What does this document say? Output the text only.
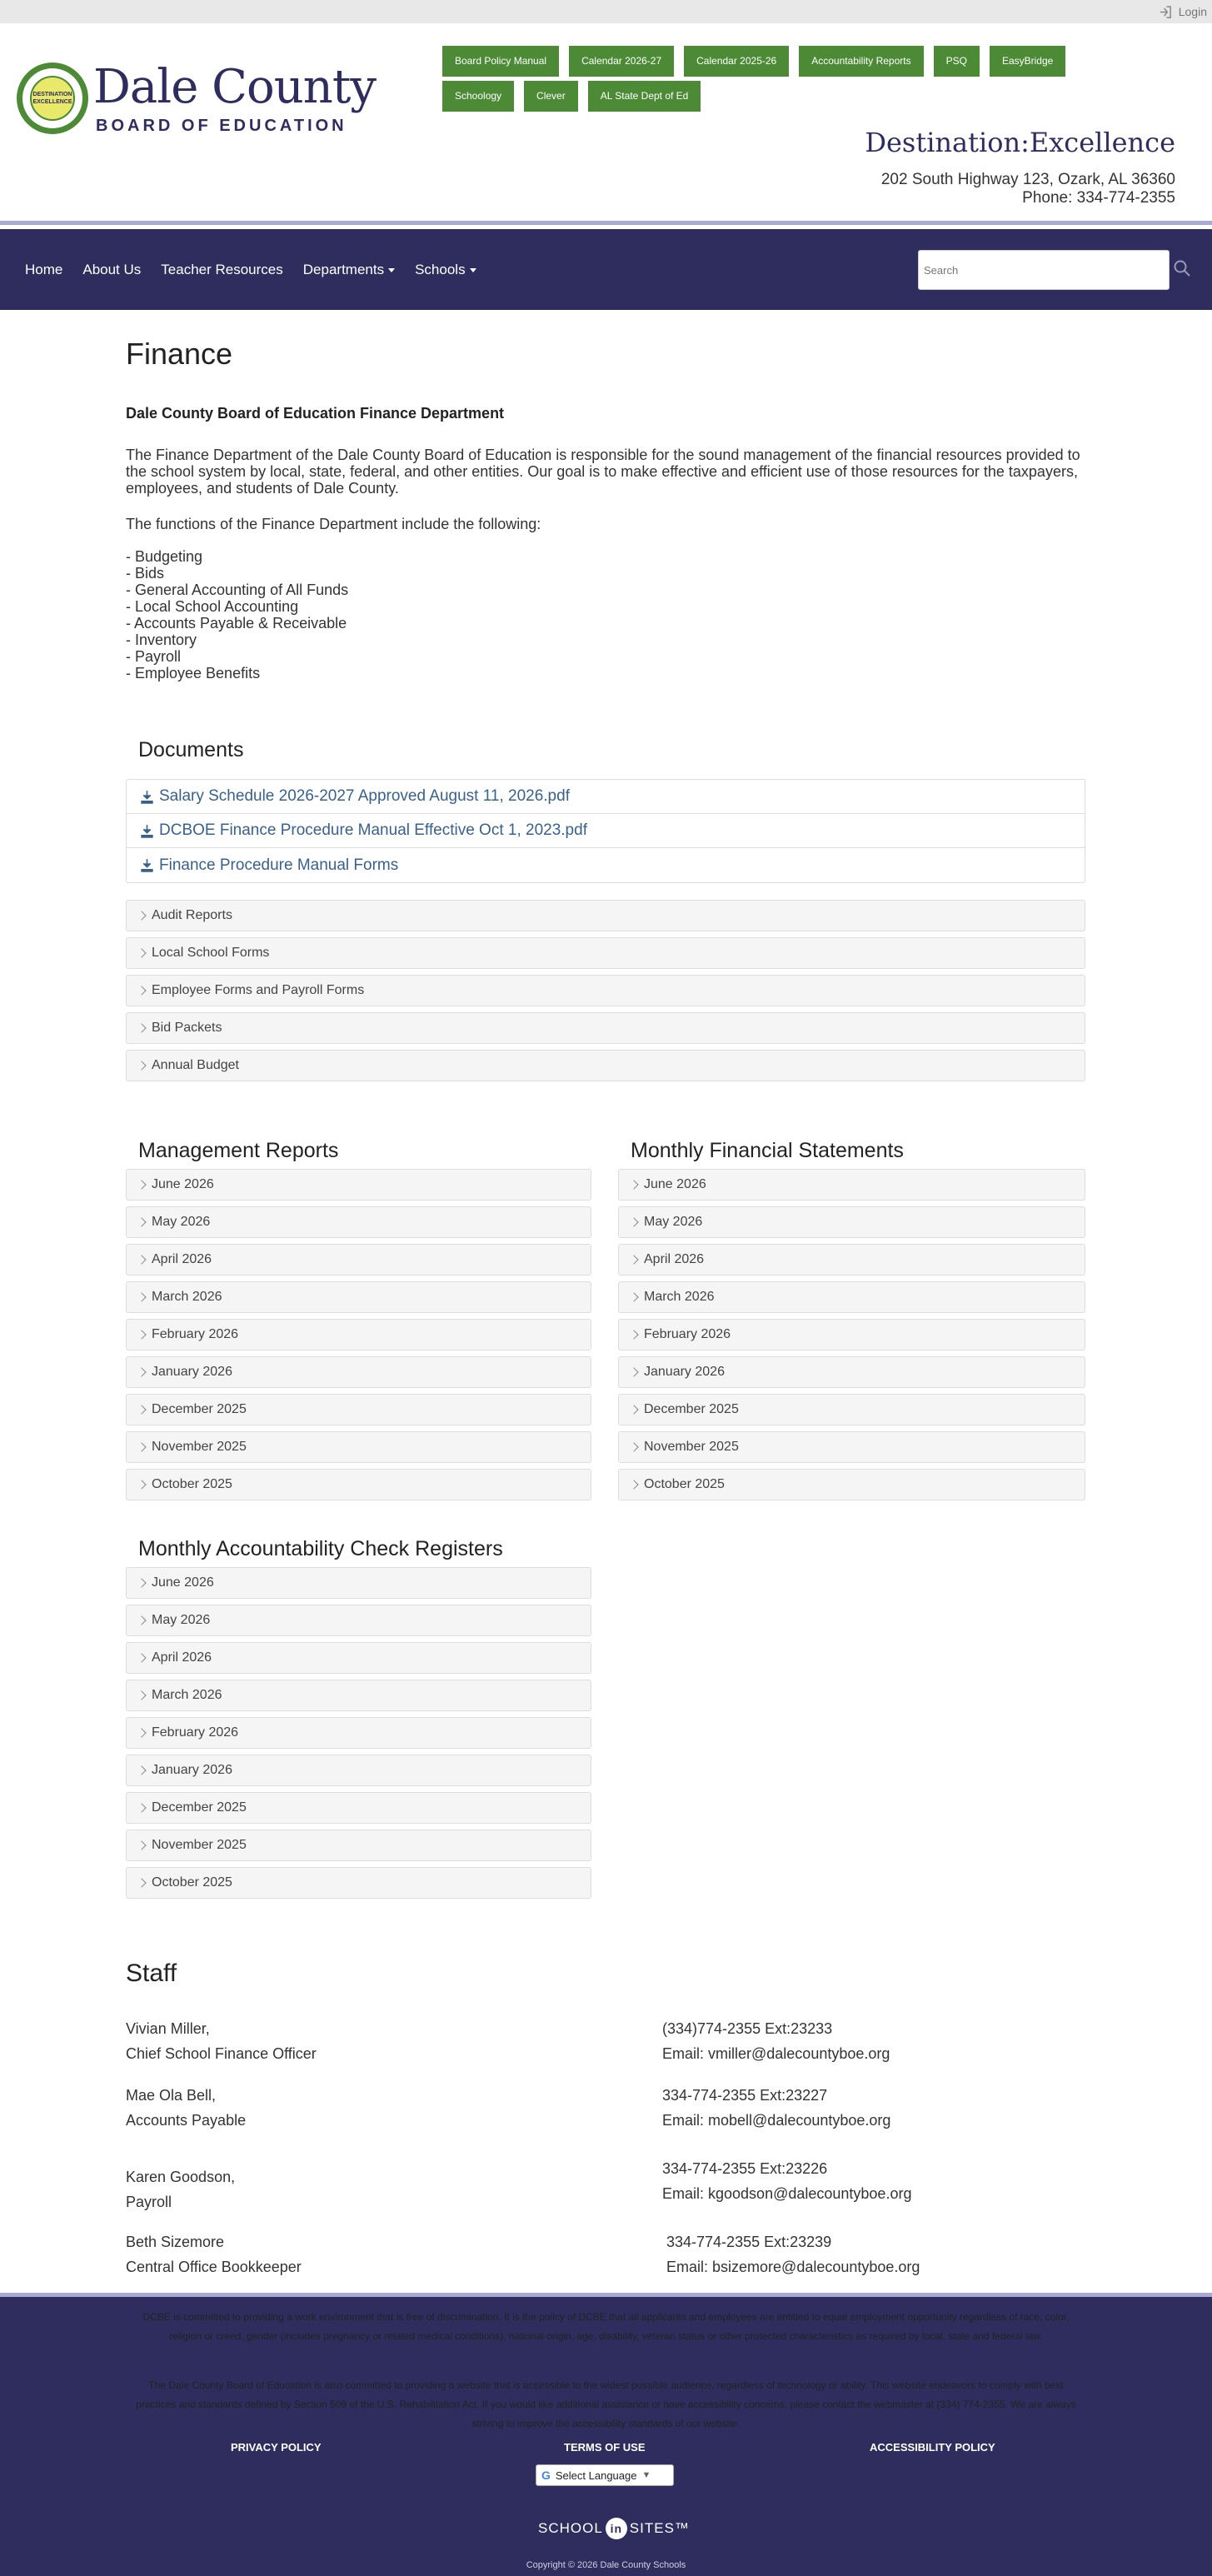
Login
DESTINATION EXCELLENCE Dale County
BOARD OF EDUCATION
Board Policy Manual	Calendar 2026-27	Calendar 2025-26	Accountability Reports	PSQ	EasyBridge
Schoology	Clever	AL State Dept of Ed
Destination:Excellence
202 South Highway 123, Ozark, AL 36360
Phone: 334-774-2355
Home	About Us	Teacher Resources	Departments	Schools
Search
Finance
Dale County Board of Education Finance Department

The Finance Department of the Dale County Board of Education is responsible for the sound management of the financial resources provided to the school system by local, state, federal, and other entities. Our goal is to make effective and efficient use of those resources for the taxpayers, employees, and students of Dale County.

The functions of the Finance Department include the following:

- Budgeting
- Bids
- General Accounting of All Funds
- Local School Accounting
- Accounts Payable & Receivable
- Inventory
- Payroll
- Employee Benefits
Documents
Salary Schedule 2026-2027 Approved August 11, 2026.pdf
DCBOE Finance Procedure Manual Effective Oct 1, 2023.pdf
Finance Procedure Manual Forms
Audit Reports
Local School Forms
Employee Forms and Payroll Forms
Bid Packets
Annual Budget
Management Reports
June 2026
May 2026
April 2026
March 2026
February 2026
January 2026
December 2025
November 2025
October 2025
Monthly Financial Statements
June 2026
May 2026
April 2026
March 2026
February 2026
January 2026
December 2025
November 2025
October 2025
Monthly Accountability Check Registers
June 2026
May 2026
April 2026
March 2026
February 2026
January 2026
December 2025
November 2025
October 2025
Staff
Vivian Miller,
Chief School Finance Officer
(334)774-2355 Ext:23233
Email: vmiller@dalecountyboe.org
Mae Ola Bell,
Accounts Payable
334-774-2355 Ext:23227
Email: mobell@dalecountyboe.org
Karen Goodson,
Payroll
334-774-2355 Ext:23226
Email: kgoodson@dalecountyboe.org
Beth Sizemore
Central Office Bookkeeper
334-774-2355 Ext:23239
Email: bsizemore@dalecountyboe.org

DCBE is committed to providing a work environment that is free of discrimination. It is the policy of DCBE that all applicants and employees are entitled to equal employment opportunity regardless of race, color, religion or creed, gender (includes pregnancy or related medical conditions), national origin, age, disability, veteran status or other protected characteristics as required by local, state and federal law.

The Dale County Board of Education is also committed to providing a website that is accessible to the widest possible audience, regardless of technology or ability. This website endeavors to comply with best practices and standards defined by Section 508 of the U.S. Rehabilitation Act. If you would like additional assistance or have accessibility concerns, please contact the webmaster at (334) 774-2355. We are always striving to improve the accessibility standards of our website.

PRIVACY POLICY	TERMS OF USE	ACCESSIBILITY POLICY
G Select Language ▼
SCHOOL in SITES™
Copyright © 2026 Dale County Schools
